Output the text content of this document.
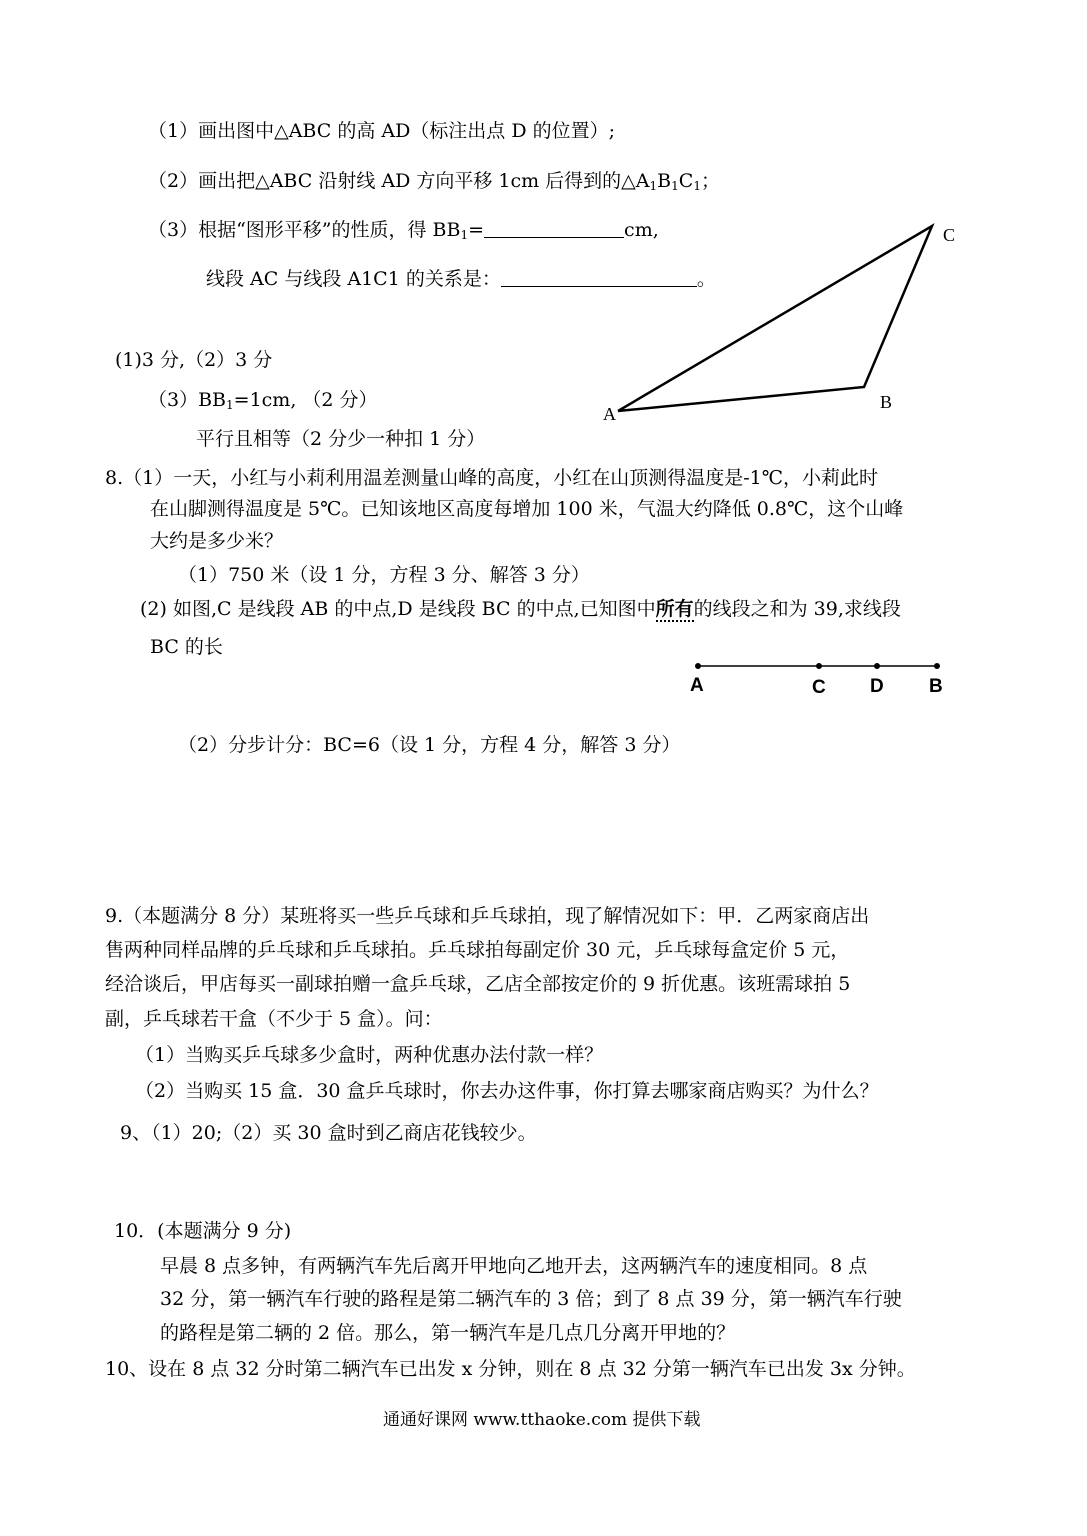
（1）画出图中△ABC 的高 AD（标注出点 D 的位置）;
（2）画出把△ABC 沿射线 AD 方向平移 1cm 后得到的$\triangle A_1B_1C_1$；
（3）根据“图形平移”的性质，得 $BB_1=$	cm,
线段 AC 与线段 A1C1 的关系是：	。
A
B
C
(1)3 分,（2）3 分
$(3)BB_1=1cm$, （2 分）
平行且相等（2 分少一种扣 1 分）
8.（1）一天，小红与小莉利用温差测量山峰的高度，小红在山顶测得温度是-1℃，小莉此时
在山脚测得温度是 5℃。已知该地区高度每增加 100 米，气温大约降低 0.8℃，这个山峰
大约是多少米？
（1）750 米（设 1 分，方程 3 分、解答 3 分）
(2) 如图,C 是线段 AB 的中点,D 是线段 BC 的中点,已知图中所有的线段之和为 39,求线段
BC 的长
A	C D B
（2）分步计分：BC=6（设 1 分，方程 4 分，解答 3 分）
9.（本题满分 8 分）某班将买一些乒乓球和乒乓球拍，现了解情况如下：甲．乙两家商店出
售两种同样品牌的乒乓球和乒乓球拍。乒乓球拍每副定价 30 元，乒乓球每盒定价 5 元，
经洽谈后，甲店每买一副球拍赠一盒乒乓球，乙店全部按定价的 9 折优惠。该班需球拍 5
副，乒乓球若干盒（不少于 5 盒）。问：
（1）当购买乒乓球多少盒时，两种优惠办法付款一样？
（2）当购买 15 盒．30 盒乒乓球时，你去办这件事，你打算去哪家商店购买？为什么？
9、（1）20;（2）买 30 盒时到乙商店花钱较少。
10．(本题满分 9 分)
早晨 8 点多钟，有两辆汽车先后离开甲地向乙地开去，这两辆汽车的速度相同。8 点
32 分，第一辆汽车行驶的路程是第二辆汽车的 3 倍；到了 8 点 39 分，第一辆汽车行驶
的路程是第二辆的 2 倍。那么，第一辆汽车是几点几分离开甲地的？
10、设在 8 点 32 分时第二辆汽车已出发 x 分钟，则在 8 点 32 分第一辆汽车已出发 3x 分钟。
通通好课网 www.tthaoke.com 提供下载
